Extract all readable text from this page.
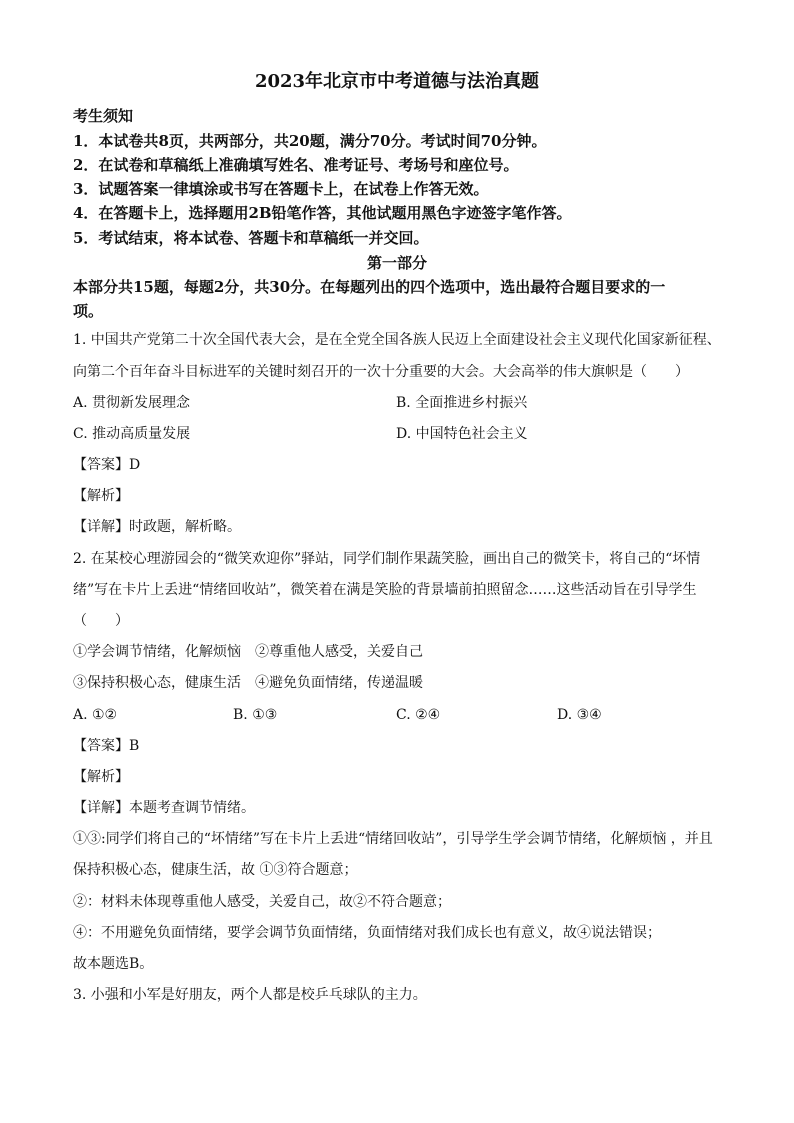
2023年北京市中考道德与法治真题
考生须知
1．本试卷共8页，共两部分，共20题，满分70分。考试时间70分钟。
2．在试卷和草稿纸上准确填写姓名、准考证号、考场号和座位号。
3．试题答案一律填涂或书写在答题卡上，在试卷上作答无效。
4．在答题卡上，选择题用2B铅笔作答，其他试题用黑色字迹签字笔作答。
5．考试结束，将本试卷、答题卡和草稿纸一并交回。
第一部分
本部分共15题，每题2分，共30分。在每题列出的四个选项中，选出最符合题目要求的一
项。
1. 中国共产党第二十次全国代表大会，是在全党全国各族人民迈上全面建设社会主义现代化国家新征程、
向第二个百年奋斗目标进军的关键时刻召开的一次十分重要的大会。大会高举的伟大旗帜是（　　）
A. 贯彻新发展理念	B. 全面推进乡村振兴
C. 推动高质量发展	D. 中国特色社会主义
【答案】D
【解析】
【详解】时政题，解析略。
2. 在某校心理游园会的“微笑欢迎你”驿站，同学们制作果蔬笑脸，画出自己的微笑卡，将自己的“坏情
绪”写在卡片上丢进“情绪回收站”，微笑着在满是笑脸的背景墙前拍照留念……这些活动旨在引导学生
（　　）
①学会调节情绪，化解烦恼　②尊重他人感受，关爱自己
③保持积极心态，健康生活　④避免负面情绪，传递温暖
A. ①②	B. ①③	C. ②④	D. ③④
【答案】B
【解析】
【详解】本题考查调节情绪。
①③:同学们将自己的“坏情绪”写在卡片上丢进“情绪回收站”，引导学生学会调节情绪，化解烦恼 ，并且
保持积极心态，健康生活，故 ①③符合题意；
②：材料未体现尊重他人感受，关爱自己，故②不符合题意；
④：不用避免负面情绪，要学会调节负面情绪，负面情绪对我们成长也有意义，故④说法错误；
故本题选B。
3. 小强和小军是好朋友，两个人都是校乒乓球队的主力。
